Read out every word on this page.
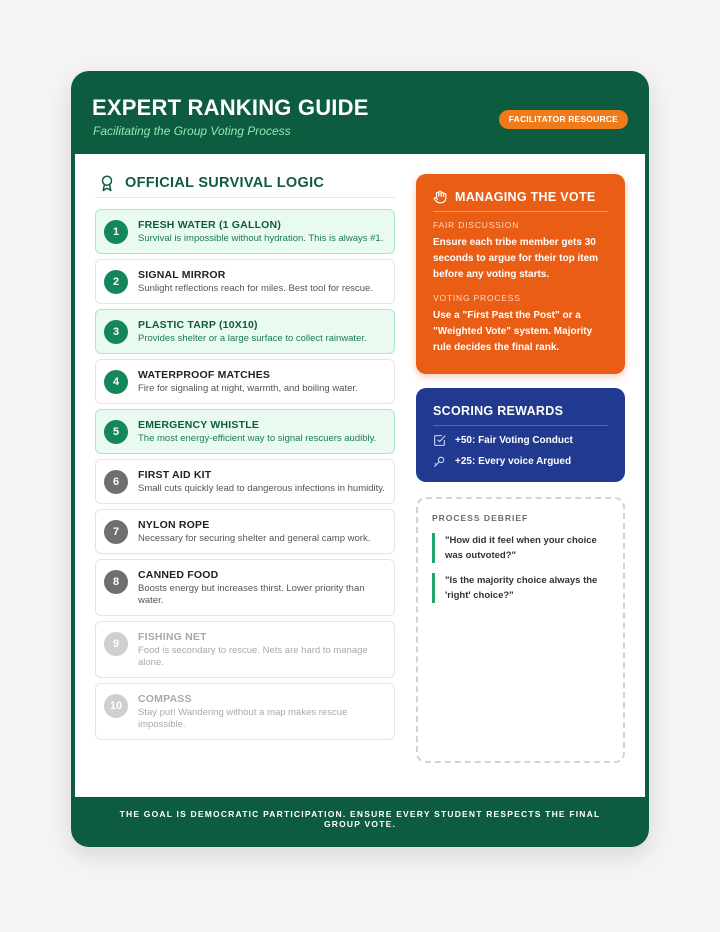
EXPERT RANKING GUIDE
Facilitating the Group Voting Process
FACILITATOR RESOURCE
OFFICIAL SURVIVAL LOGIC
1
FRESH WATER (1 GALLON)
Survival is impossible without hydration. This is always #1.
2
SIGNAL MIRROR
Sunlight reflections reach for miles. Best tool for rescue.
3
PLASTIC TARP (10X10)
Provides shelter or a large surface to collect rainwater.
4
WATERPROOF MATCHES
Fire for signaling at night, warmth, and boiling water.
5
EMERGENCY WHISTLE
The most energy-efficient way to signal rescuers audibly.
6
FIRST AID KIT
Small cuts quickly lead to dangerous infections in humidity.
7
NYLON ROPE
Necessary for securing shelter and general camp work.
8
CANNED FOOD
Boosts energy but increases thirst. Lower priority than water.
9
FISHING NET
Food is secondary to rescue. Nets are hard to manage alone.
10
COMPASS
Stay put! Wandering without a map makes rescue impossible.
MANAGING THE VOTE
FAIR DISCUSSION
Ensure each tribe member gets 30 seconds to argue for their top item before any voting starts.
VOTING PROCESS
Use a "First Past the Post" or a "Weighted Vote" system. Majority rule decides the final rank.
SCORING REWARDS
+50: Fair Voting Conduct
+25: Every voice Argued
PROCESS DEBRIEF
"How did it feel when your choice was outvoted?"
"Is the majority choice always the 'right' choice?"
THE GOAL IS DEMOCRATIC PARTICIPATION. ENSURE EVERY STUDENT RESPECTS THE FINAL GROUP VOTE.
